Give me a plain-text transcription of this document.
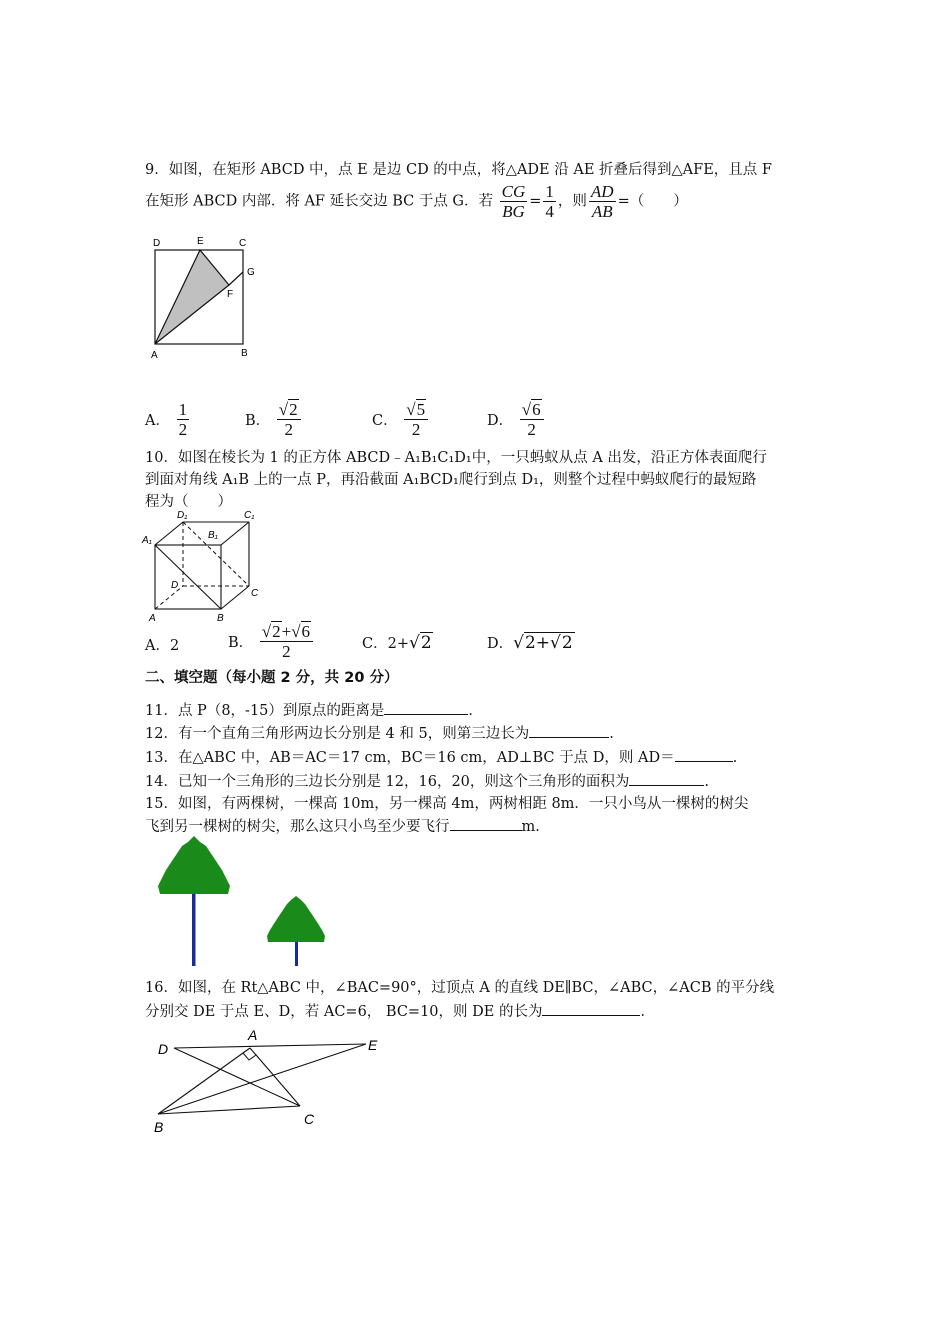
9．如图，在矩形 ABCD 中，点 E 是边 CD 的中点，将△ADE 沿 AE 折叠后得到△AFE，且点 F
在矩形 ABCD 内部．将 AF 延长交边 BC 于点 G．若 $\frac{CG}{BG} = \frac{1}{4}$ ，则 $\frac{AD}{AB}$ =（　　）
D	E	C
G
F
A	B
A． $\frac{1}{2}$	B． $\frac{√2}{2}$	C． $\frac{√5}{2}$	D． $\frac{√6}{2}$
10．如图在棱长为 1 的正方体 ABCD﹣A₁B₁C₁D₁中，一只蚂蚁从点 A 出发，沿正方体表面爬行
到面对角线 A₁B 上的一点 P，再沿截面 A₁BCD₁爬行到点 D₁，则整个过程中蚂蚁爬行的最短路
程为（　　）
D₁	C₁
A₁	B₁
D
C
A	B
A．2	B． $\frac{√2+√6}{2}$	C．2+√2	D．√2+√2
二、填空题（每小题 2 分，共 20 分）
11．点 P（8，-15）到原点的距离是	．
12．有一个直角三角形两边长分别是 4 和 5，则第三边长为	.
13．在△ABC 中，AB＝AC＝17 cm，BC＝16 cm，AD⊥BC 于点 D，则 AD＝	.
14．已知一个三角形的三边长分别是 12，16，20，则这个三角形的面积为	.
15．如图，有两棵树，一棵高 10m，另一棵高 4m，两树相距 8m．一只小鸟从一棵树的树尖
飞到另一棵树的树尖，那么这只小鸟至少要飞行	m.
16．如图，在 Rt△ABC 中，∠BAC=90°，过顶点 A 的直线 DE∥BC，∠ABC，∠ACB 的平分线
分别交 DE 于点 E、D，若 AC=6， BC=10，则 DE 的长为	．
D
A
E
B	C
